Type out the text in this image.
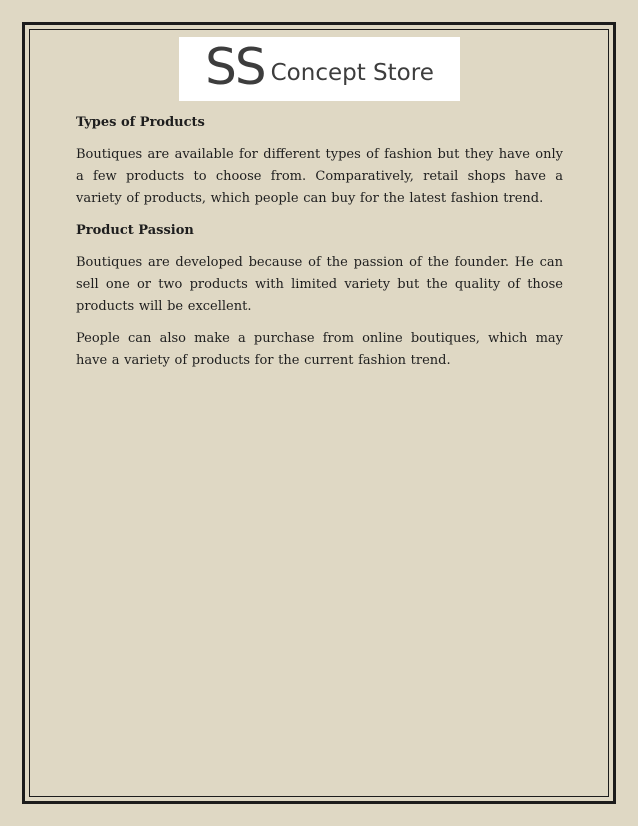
SS Concept Store

Types of Products

Boutiques are available for different types of fashion but they have only a few products to choose from. Comparatively, retail shops have a variety of products, which people can buy for the latest fashion trend.

Product Passion

Boutiques are developed because of the passion of the founder. He can sell one or two products with limited variety but the quality of those products will be excellent.

People can also make a purchase from online boutiques, which may have a variety of products for the current fashion trend.
